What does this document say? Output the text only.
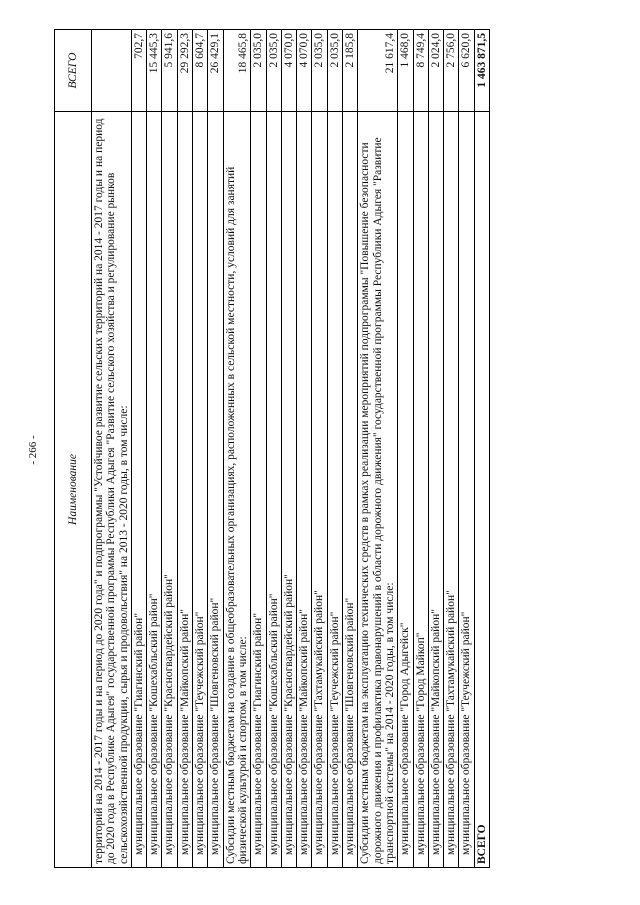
- 266 -
Наименование	ВСЕГО
территорий на 2014 - 2017 годы и на период до 2020 года" и подпрограммы "Устойчивое развитие сельских территорий на 2014 - 2017 годы и на период до 2020 года в Республике Адыгея" государственной программы Республики Адыгея "Развитие сельского хозяйства и регулирование рынков сельскохозяйственной продукции, сырья и продовольствия" на 2013 - 2020 годы, в том числе:	
муниципальное образование "Гиагинский район"	702,7
муниципальное образование "Кошехабльский район"	15 445,3
муниципальное образование "Красногвардейский район"	5 941,6
муниципальное образование "Майкопский район"	29 292,3
муниципальное образование "Теучежский район"	8 604,7
муниципальное образование "Шовгеновский район"	26 429,1
Субсидии местным бюджетам на создание в общеобразовательных организациях, расположенных в сельской местности, условий для занятий физической культурой и спортом, в том числе:	18 465,8
муниципальное образование "Гиагинский район"	2 035,0
муниципальное образование "Кошехабльский район"	2 035,0
муниципальное образование "Красногвардейский район"	4 070,0
муниципальное образование "Майкопский район"	4 070,0
муниципальное образование "Тахтамукайский район"	2 035,0
муниципальное образование "Теучежский район"	2 035,0
муниципальное образование "Шовгеновский район"	2 185,8
Субсидии местным бюджетам на эксплуатацию технических средств в рамках реализации мероприятий подпрограммы "Повышение безопасности дорожного движения и профилактика правонарушений в области дорожного движения" государственной программы Республики Адыгея "Развитие транспортной системы" на 2014 - 2020 годы, в том числе:	21 617,4
муниципальное образование "Город Адыгейск"	1 468,0
муниципальное образование "Город Майкоп"	8 749,4
муниципальное образование "Майкопский район"	2 024,0
муниципальное образование "Тахтамукайский район"	2 756,0
муниципальное образование "Теучежский район"	6 620,0
ВСЕГО	1 463 871,5
